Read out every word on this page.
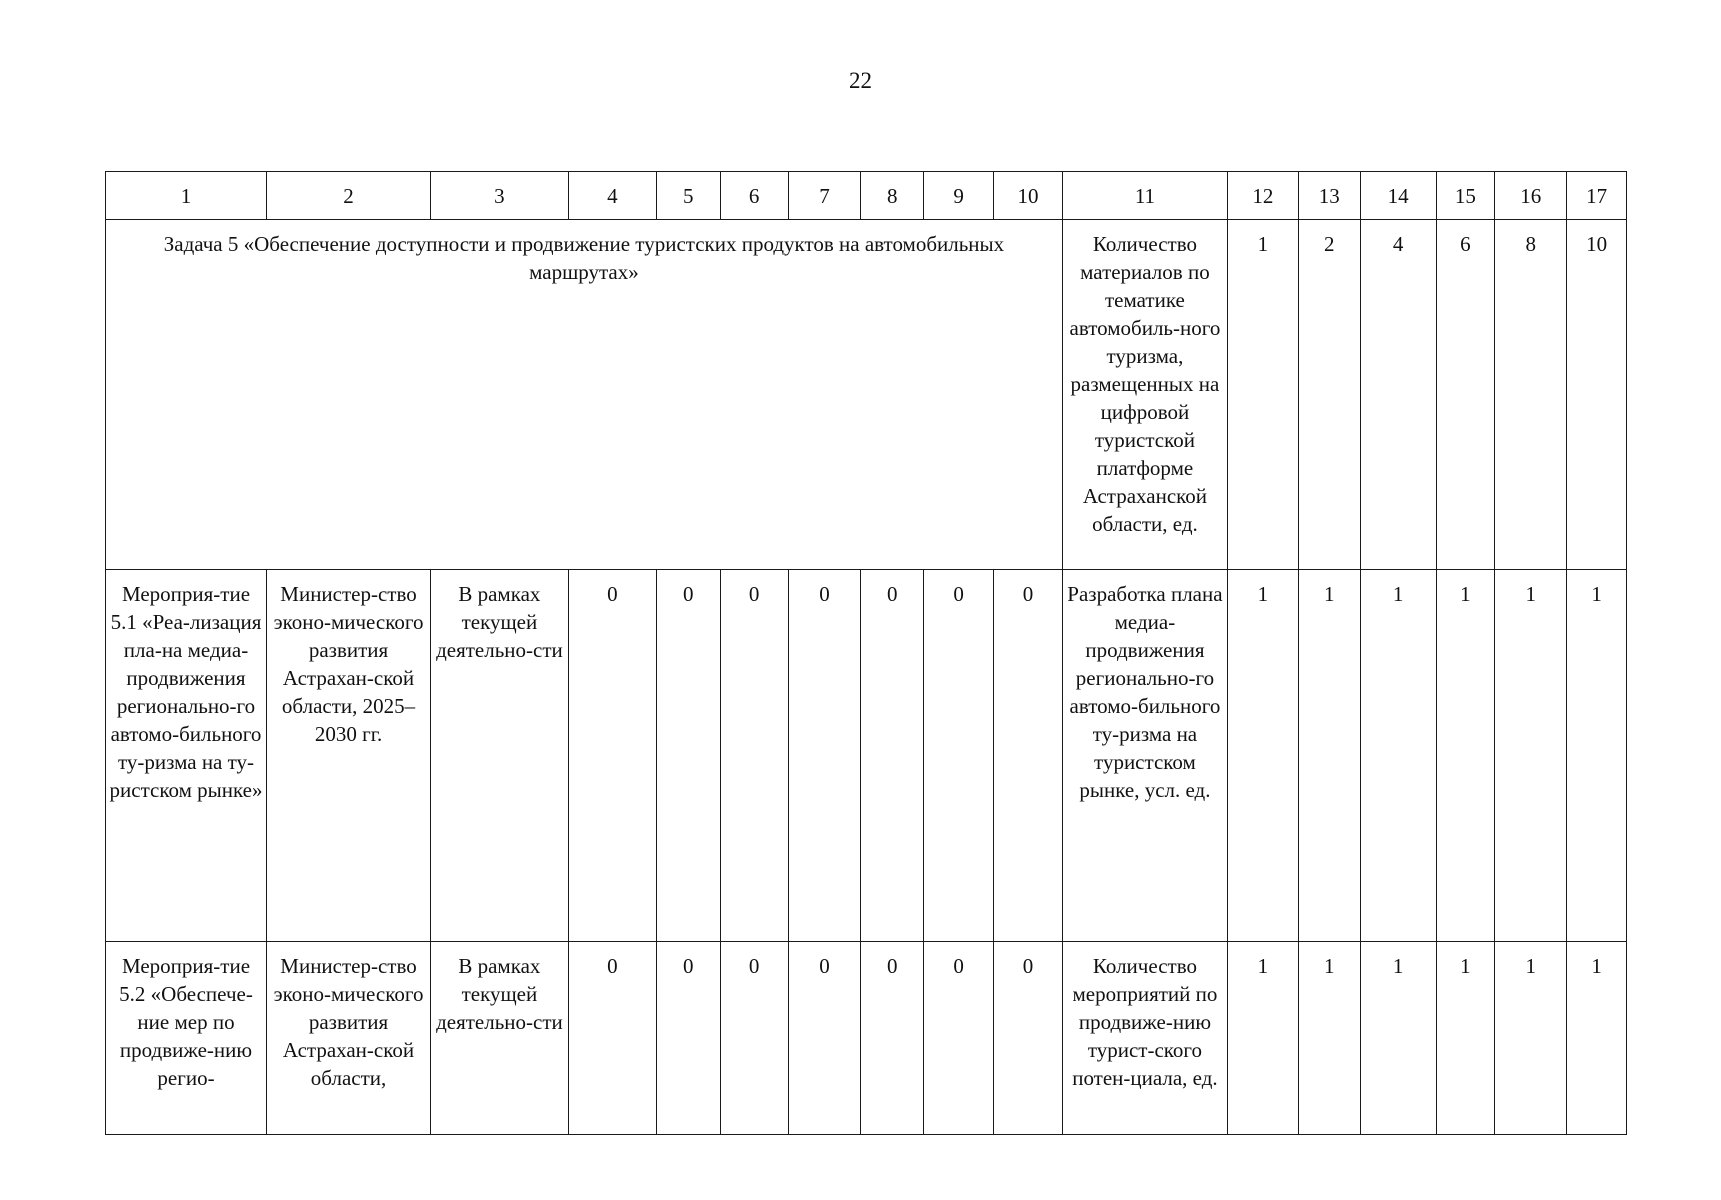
22
1	2	3	4	5	6	7	8	9	10	11	12	13	14	15	16	17
Задача 5 «Обеспечение доступности и продвижение туристских продуктов на автомобильных маршрутах»										Количество материалов по тематике автомобиль-ного туризма, размещенных на цифровой туристской платформе Астраханской области, ед.	1	2	4	6	8	10
Мероприя-тие 5.1 «Реа-лизация пла-на медиа-продвижения регионально-го автомо-бильного ту-ризма на ту-ристском рынке»	Министер-ство эконо-мического развития Астрахан-ской области, 2025–2030 гг.	В рамках текущей деятельно-сти	0	0	0	0	0	0	0	Разработка плана медиа-продвижения регионально-го автомо-бильного ту-ризма на туристском рынке, усл. ед.	1	1	1	1	1	1
Мероприя-тие 5.2 «Обеспече-ние мер по продвиже-нию регио-	Министер-ство эконо-мического развития Астрахан-ской области,	В рамках текущей деятельно-сти	0	0	0	0	0	0	0	Количество мероприятий по продвиже-нию турист-ского потен-циала, ед.	1	1	1	1	1	1
